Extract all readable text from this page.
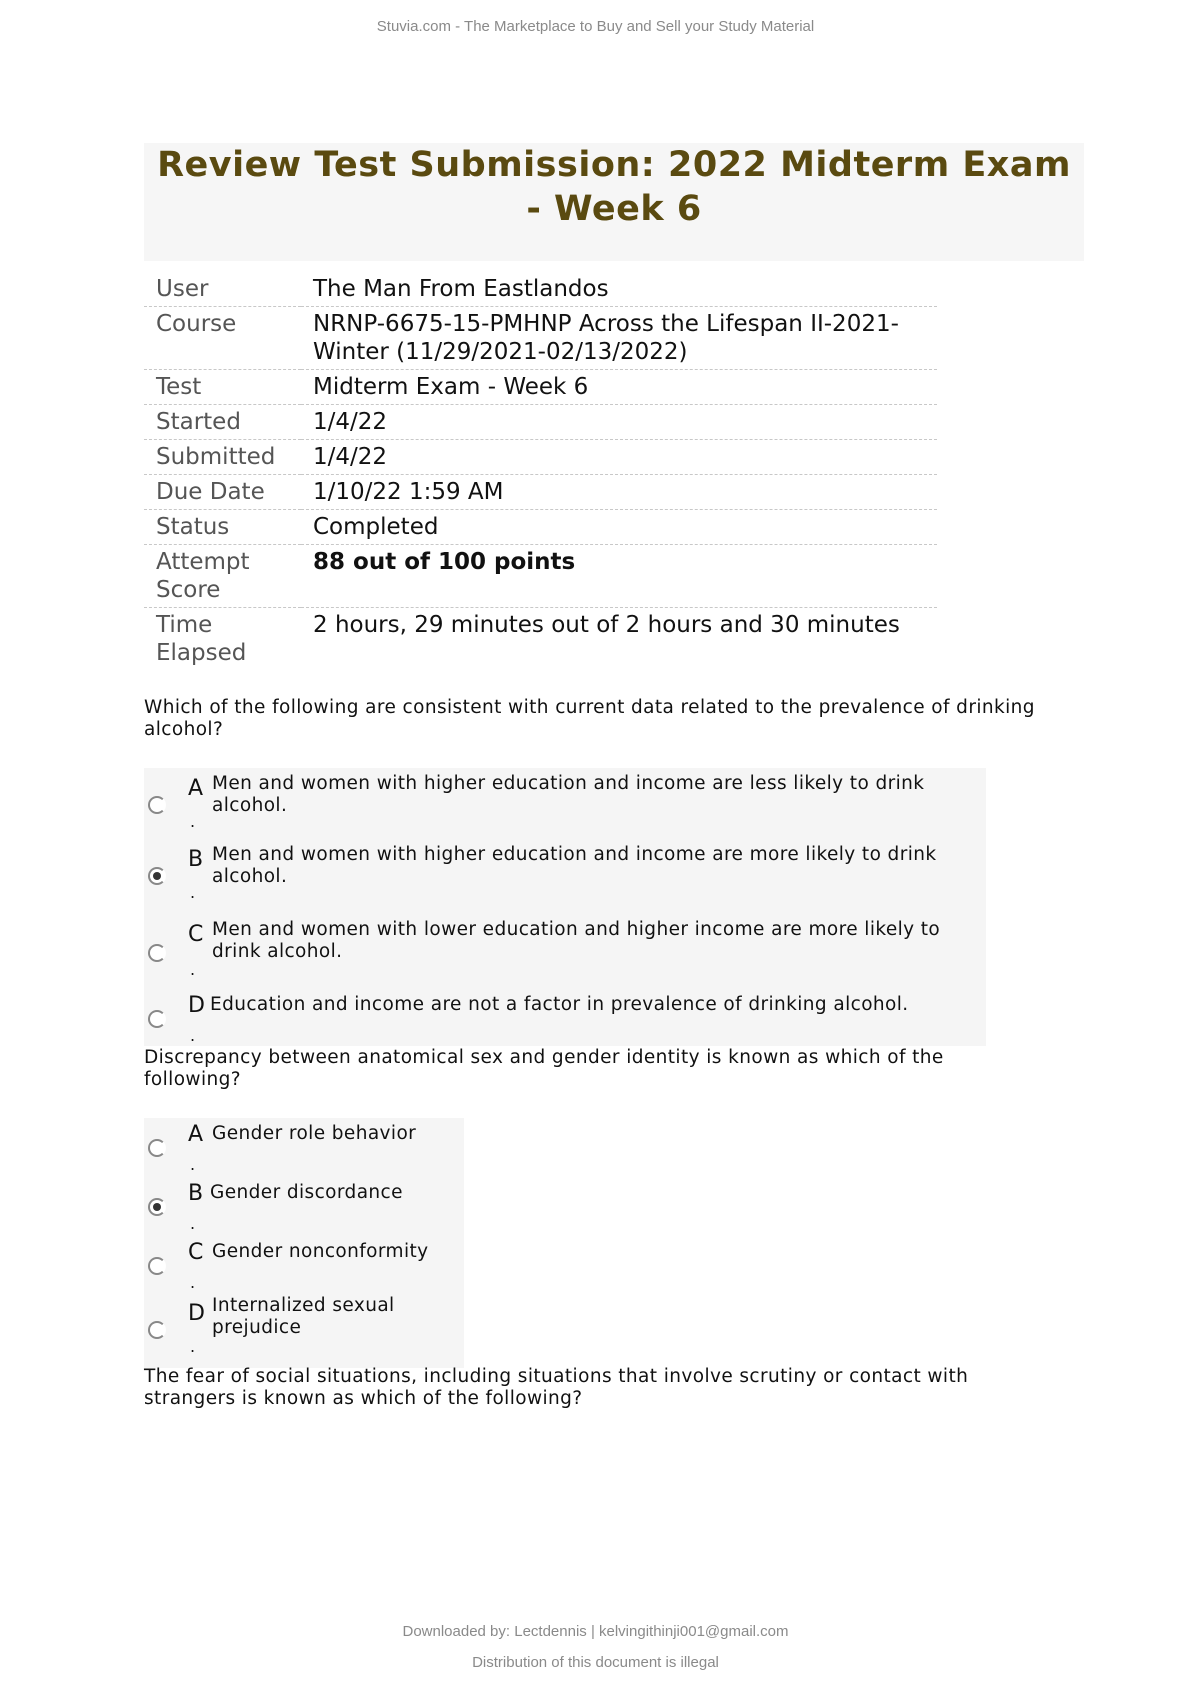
Stuvia.com - The Marketplace to Buy and Sell your Study Material
Review Test Submission: 2022 Midterm Exam - Week 6
User	The Man From Eastlandos
Course	NRNP-6675-15-PMHNP Across the Lifespan II-2021-Winter (11/29/2021-02/13/2022)
Test	Midterm Exam - Week 6
Started	1/4/22
Submitted	1/4/22
Due Date	1/10/22 1:59 AM
Status	Completed
Attempt Score	88 out of 100 points
Time Elapsed	2 hours, 29 minutes out of 2 hours and 30 minutes
Which of the following are consistent with current data related to the prevalence of drinking alcohol?
A
.
Men and women with higher education and income are less likely to drink alcohol.
B
.
Men and women with higher education and income are more likely to drink alcohol.
C
.
Men and women with lower education and higher income are more likely to drink alcohol.
D
.
Education and income are not a factor in prevalence of drinking alcohol.
Discrepancy between anatomical sex and gender identity is known as which of the following?
A
.
Gender role behavior
B
.
Gender discordance
C
.
Gender nonconformity
D
.
Internalized sexual prejudice
The fear of social situations, including situations that involve scrutiny or contact with strangers is known as which of the following?
Downloaded by: Lectdennis | kelvingithinji001@gmail.com
Distribution of this document is illegal
